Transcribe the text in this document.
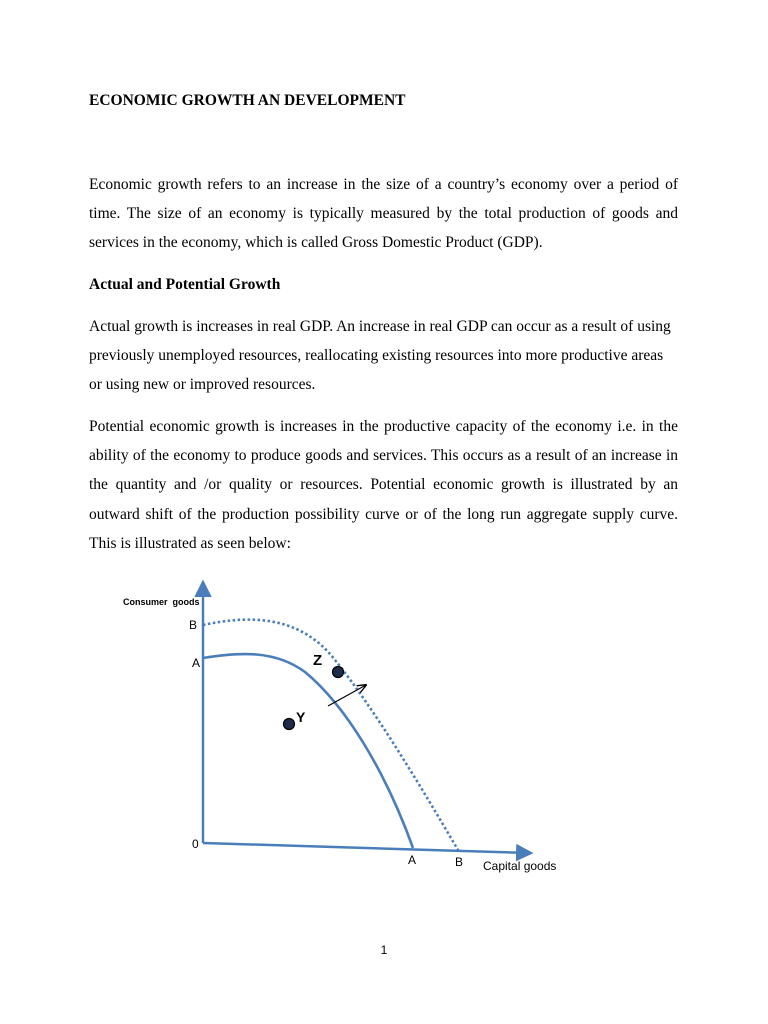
ECONOMIC GROWTH AN DEVELOPMENT

Economic growth refers to an increase in the size of a country’s economy over a period of time. The size of an economy is typically measured by the total production of goods and services in the economy, which is called Gross Domestic Product (GDP).

Actual and Potential Growth

Actual growth is increases in real GDP. An increase in real GDP can occur as a result of using previously unemployed resources, reallocating existing resources into more productive areas or using new or improved resources.

Potential economic growth is increases in the productive capacity of the economy i.e. in the ability of the economy to produce goods and services. This occurs as a result of an increase in the quantity and /or quality or resources. Potential economic growth is illustrated by an outward shift of the production possibility curve or of the long run aggregate supply curve. This is illustrated as seen below:

Consumer  goods
B
A	Z
Y
0
A	B Capital goods
1
